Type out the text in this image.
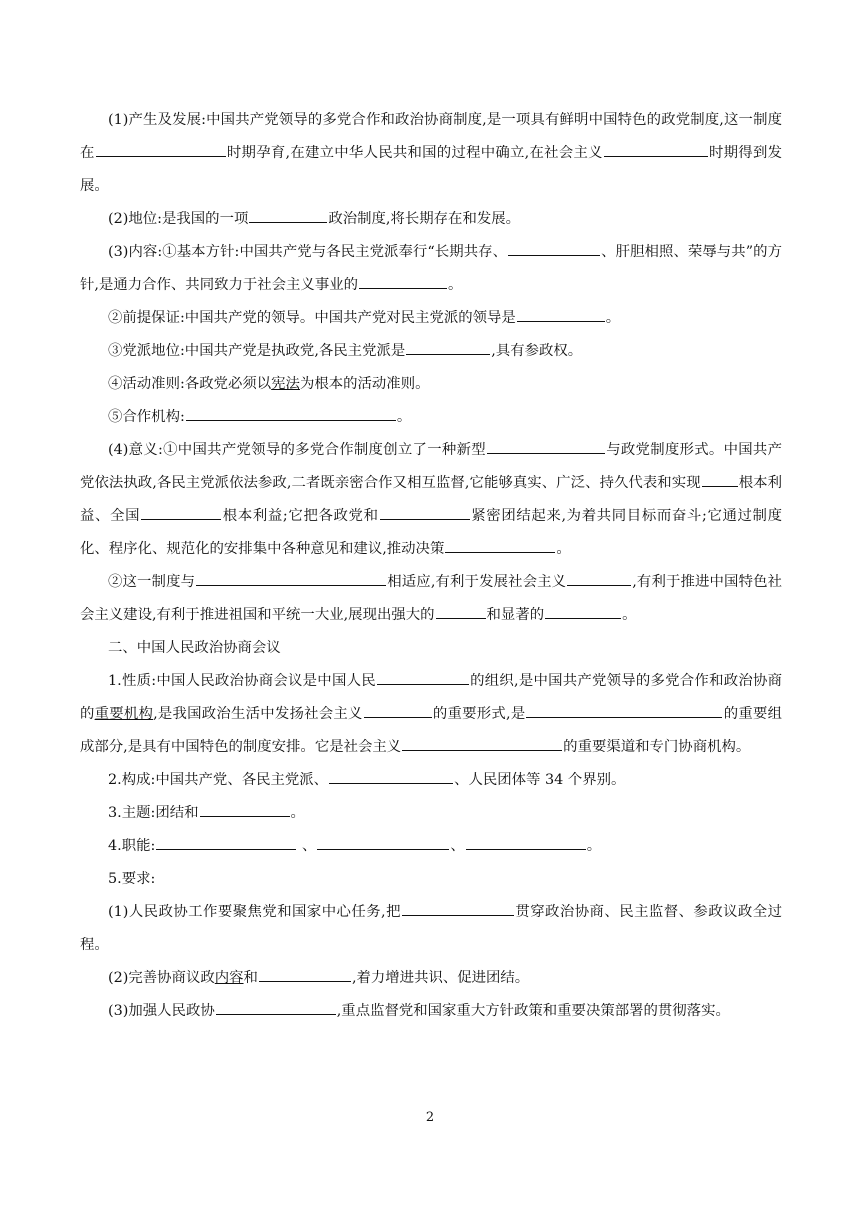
(1)产生及发展:中国共产党领导的多党合作和政治协商制度,是一项具有鲜明中国特色的政党制度,这一制度在	时期孕育,在建立中华人民共和国的过程中确立,在社会主义	时期得到发展。

(2)地位:是我国的一项	政治制度,将长期存在和发展。

(3)内容:①基本方针:中国共产党与各民主党派奉行“长期共存、	、肝胆相照、荣辱与共”的方针,是通力合作、共同致力于社会主义事业的	。

②前提保证:中国共产党的领导。中国共产党对民主党派的领导是	。

③党派地位:中国共产党是执政党,各民主党派是	,具有参政权。

④活动准则:各政党必须以宪法为根本的活动准则。

⑤合作机构:	。

(4)意义:①中国共产党领导的多党合作制度创立了一种新型	与政党制度形式。中国共产党依法执政,各民主党派依法参政,二者既亲密合作又相互监督,它能够真实、广泛、持久代表和实现	根本利益、全国	根本利益;它把各政党和	紧密团结起来,为着共同目标而奋斗;它通过制度化、程序化、规范化的安排集中各种意见和建议,推动决策	。

②这一制度与	相适应,有利于发展社会主义	,有利于推进中国特色社会主义建设,有利于推进祖国和平统一大业,展现出强大的	和显著的	。

二、中国人民政治协商会议

1.性质:中国人民政治协商会议是中国人民	的组织,是中国共产党领导的多党合作和政治协商的重要机构,是我国政治生活中发扬社会主义	的重要形式,是	的重要组成部分,是具有中国特色的制度安排。它是社会主义	的重要渠道和专门协商机构。

2.构成:中国共产党、各民主党派、	、人民团体等 34 个界别。

3.主题:团结和	。

4.职能:	、	、	。

5.要求:

(1)人民政协工作要聚焦党和国家中心任务,把	贯穿政治协商、民主监督、参政议政全过程。

(2)完善协商议政内容和	,着力增进共识、促进团结。

(3)加强人民政协	,重点监督党和国家重大方针政策和重要决策部署的贯彻落实。

2
